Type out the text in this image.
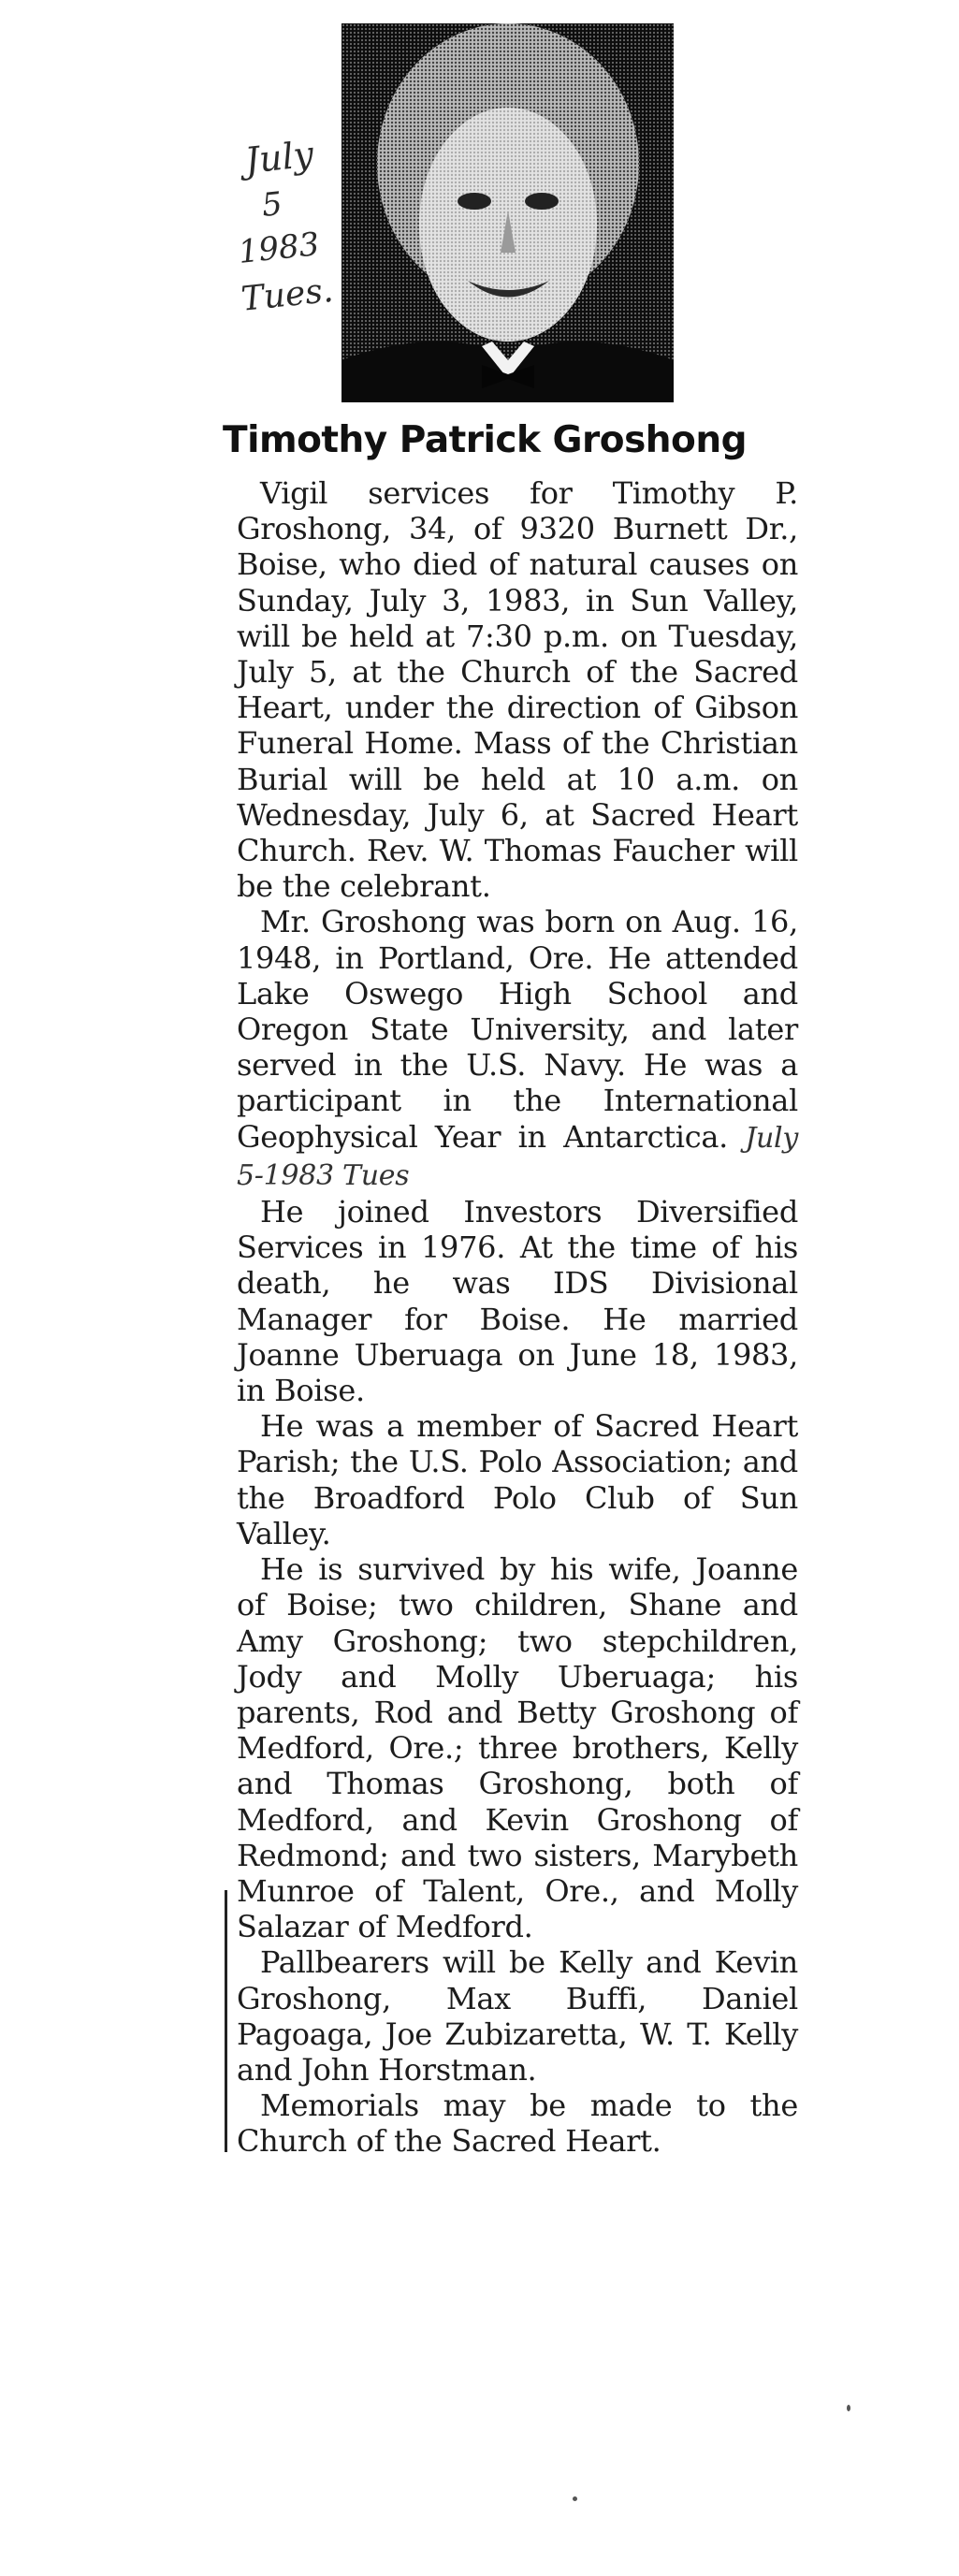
July
5
1983
Tues.
Timothy Patrick Groshong

Vigil services for Timothy P. Groshong, 34, of 9320 Burnett Dr., Boise, who died of natural causes on Sunday, July 3, 1983, in Sun Valley, will be held at 7:30 p.m. on Tuesday, July 5, at the Church of the Sacred Heart, under the direction of Gibson Funeral Home. Mass of the Christian Burial will be held at 10 a.m. on Wednesday, July 6, at Sacred Heart Church. Rev. W. Thomas Faucher will be the celebrant.

Mr. Groshong was born on Aug. 16, 1948, in Portland, Ore. He attended Lake Oswego High School and Oregon State University, and later served in the U.S. Navy. He was a participant in the International Geophysical Year in Antarctica. July 5-1983 Tues

He joined Investors Diversified Services in 1976. At the time of his death, he was IDS Divisional Manager for Boise. He married Joanne Uberuaga on June 18, 1983, in Boise.

He was a member of Sacred Heart Parish; the U.S. Polo Association; and the Broadford Polo Club of Sun Valley.

He is survived by his wife, Joanne of Boise; two children, Shane and Amy Groshong; two stepchildren, Jody and Molly Uberuaga; his parents, Rod and Betty Groshong of Medford, Ore.; three brothers, Kelly and Thomas Groshong, both of Medford, and Kevin Groshong of Redmond; and two sisters, Marybeth Munroe of Talent, Ore., and Molly Salazar of Medford.

Pallbearers will be Kelly and Kevin Groshong, Max Buffi, Daniel Pagoaga, Joe Zubizaretta, W. T. Kelly and John Horstman.

Memorials may be made to the Church of the Sacred Heart.
